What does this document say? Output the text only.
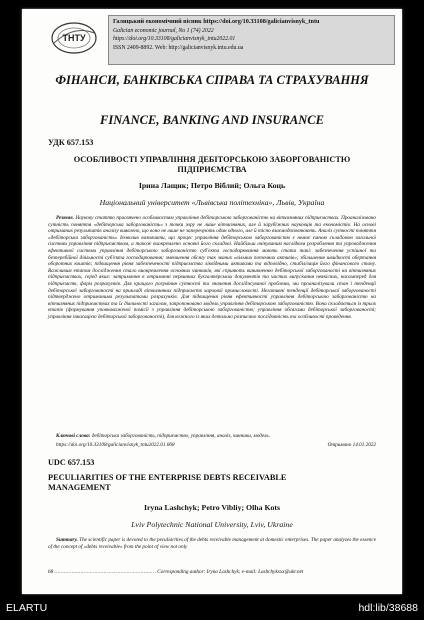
ТНТУ
Галицький економічний вісник https://doi.org/10.33108/galicianvisnyk_tntu
Galician economic journal, No 1 (74) 2022
https://doi.org/10.33108/galicianvisnyk_tntu2022.01
ISSN 2409-8892. Web: http://galicianvisnyk.tntu.edu.ua
ФІНАНСИ, БАНКІВСЬКА СПРАВА ТА СТРАХУВАННЯ
FINANCE, BANKING AND INSURANCE
УДК 657.153
ОСОБЛИВОСТІ УПРАВЛІННЯ ДЕБІТОРСЬКОЮ ЗАБОРГОВАНІСТЮ ПІДПРИЄМСТВА
Ірина Лащик; Петро Віблий; Ольга Коць
Національний університет «Львівська політехніка», Львів, Україна
Резюме. Наукову статтю присвячено особливостям управління дебіторською заборгованістю на вітчизняних підприємствах. Проаналізовано сутність поняття «дебіторська заборгованість» з точки зору не лише вітчизняних, але й зарубіжних науковців та економістів. На основі отриманих результатів аналізу виявлено, що воно не лише не заперечують один одного, але й тісно взаємодоповнюють. Аналіз сутності поняття «дебіторська заборгованість» дозволив визначити, що процес управління дебіторською заборгованістю є немає ємною складовою загальної системи управління підприємством, а також виокремлено основні його складові. Найбільш очікуваним наслідком розроблення та упровадження ефективної системи управління дебіторською заборгованістю суб'єкта господарювання мають стати такі: забезпечення успішної та безперебійної діяльності суб'єкта господарювання; зменшення обсягу так званих «вільних поточних активів»; збільшення швидкості обертання оборотних коштів; підвищення рівня забезпеченості підприємства ліквідними активами та відповідно, стабілізація його фінансового стану. Важливим етапом дослідження стало виокремлення основних чинників, які сприяють виникненню дебіторської заборгованості на вітчизняних підприємствах, серед яких: затримання в отриманні первинних бухгалтерських документів та частих випускання неякісних, насамперед для підприємств, форм розрахунків. Для кращого розуміння сутності та значення досліджуваної проблеми, ми проаналізували стан і тенденції дебіторської заборгованості на прикладі вітчизняних підприємств харчової промисловості. Негативні тенденції дебіторської заборгованості підтверджено отриманими результатами розрахунків. Для підвищення рівня ефективності управління дебіторською заборгованістю на вітчизняних підприємствах та їх діяльності загалом, запропоновано модель управління дебіторською заборгованістю. Вона складається із трьох етапів (формування уповноваженої помісії з управління дебіторською заборгованістю; управління обсягами дебіторської заборгованості; управління інкасацією дебіторської заборгованості), для кожного із яких детально розписано послідовність та особливості проведення.
Ключові слова: дебіторська заборгованість, підприємство, управління, аналіз, чинники, модель.
https://doi.org/10.33108/galicianvisnyk_tntu2022.01.068	Отримано 14.01.2022
UDC 657.153
PECULIARITIES OF THE ENTERPRISE DEBTS RECEIVABLE MANAGEMENT
Iryna Lashchyk; Petro Vibliy; Olha Kots
Lviv Polytechnic National University, Lviv, Ukraine
Summary. The scientific paper is devoted to the peculiarities of the debts receivable management at domestic enterprises. The paper analyzes the essence of the concept of «debts receivable» from the point of view not only
68 ………………………………………………………… Corresponding author: Iryna Lashchyk; e-mail: Lashchykxxx@ukr.net
ELARTU	hdl:lib/38688
